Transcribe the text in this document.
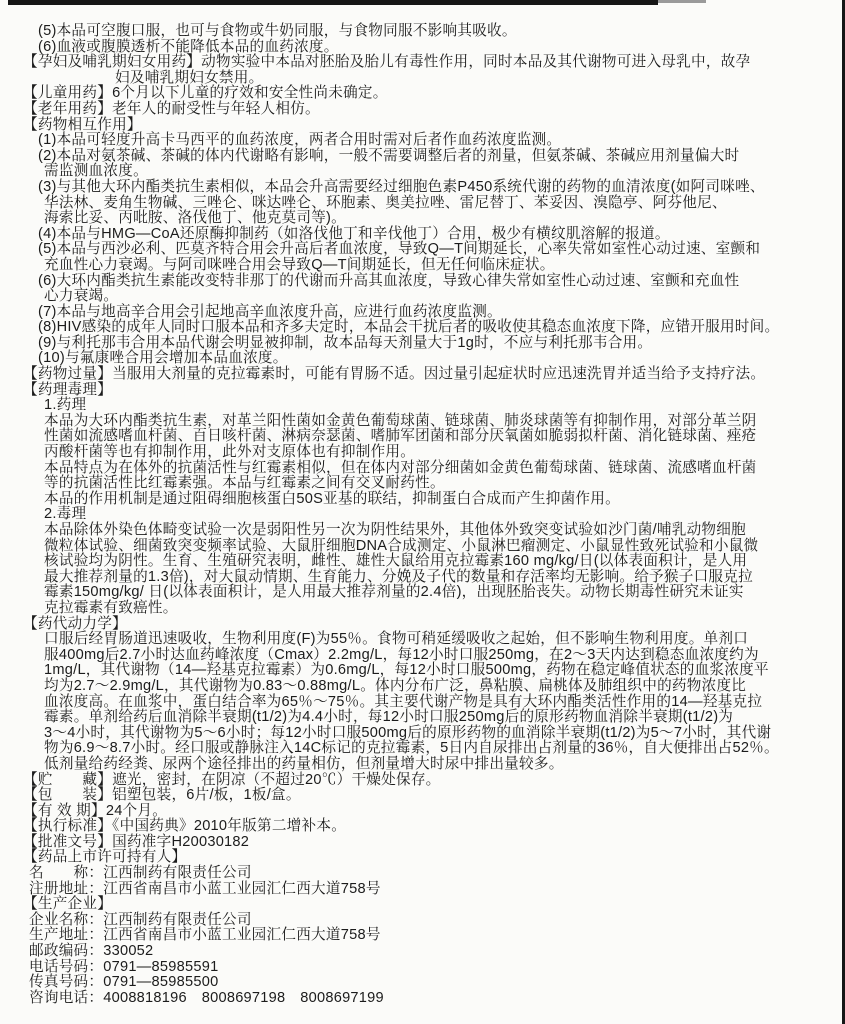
(5)本品可空腹口服，也可与食物或牛奶同服，与食物同服不影响其吸收。
(6)血液或腹膜透析不能降低本品的血药浓度。
【孕妇及哺乳期妇女用药】动物实验中本品对胚胎及胎儿有毒性作用，同时本品及其代谢物可进入母乳中，故孕
妇及哺乳期妇女禁用。
【儿童用药】6个月以下儿童的疗效和安全性尚未确定。
【老年用药】老年人的耐受性与年轻人相仿。
【药物相互作用】
(1)本品可轻度升高卡马西平的血药浓度，两者合用时需对后者作血药浓度监测。
(2)本品对氨茶碱、茶碱的体内代谢略有影响，一般不需要调整后者的剂量，但氨茶碱、茶碱应用剂量偏大时
需监测血浓度。
(3)与其他大环内酯类抗生素相似，本品会升高需要经过细胞色素P450系统代谢的药物的血清浓度(如阿司咪唑、
华法林、麦角生物碱、三唑仑、咪达唑仑、环胞素、奥美拉唑、雷尼替丁、苯妥因、溴隐亭、阿芬他尼、
海索比妥、丙吡胺、洛伐他丁、他克莫司等)。
(4)本品与HMG—CoA还原酶抑制药（如洛伐他丁和辛伐他丁）合用，极少有横纹肌溶解的报道。
(5)本品与西沙必利、匹莫齐特合用会升高后者血浓度，导致Q—T间期延长，心率失常如室性心动过速、室颤和
充血性心力衰竭。与阿司咪唑合用会导致Q—T间期延长，但无任何临床症状。
(6)大环内酯类抗生素能改变特非那丁的代谢而升高其血浓度，导致心律失常如室性心动过速、室颤和充血性
心力衰竭。
(7)本品与地高辛合用会引起地高辛血浓度升高，应进行血药浓度监测。
(8)HIV感染的成年人同时口服本品和齐多夫定时，本品会干扰后者的吸收使其稳态血浓度下降，应错开服用时间。
(9)与利托那韦合用本品代谢会明显被抑制，故本品每天剂量大于1g时，不应与利托那韦合用。
(10)与氟康唑合用会增加本品血浓度。
【药物过量】当服用大剂量的克拉霉素时，可能有胃肠不适。因过量引起症状时应迅速洗胃并适当给予支持疗法。
【药理毒理】
1.药理
本品为大环内酯类抗生素，对革兰阳性菌如金黄色葡萄球菌、链球菌、肺炎球菌等有抑制作用，对部分革兰阴
性菌如流感嗜血杆菌、百日咳杆菌、淋病奈瑟菌、嗜肺军团菌和部分厌氧菌如脆弱拟杆菌、消化链球菌、痤疮
丙酸杆菌等也有抑制作用，此外对支原体也有抑制作用。
本品特点为在体外的抗菌活性与红霉素相似，但在体内对部分细菌如金黄色葡萄球菌、链球菌、流感嗜血杆菌
等的抗菌活性比红霉素强。本品与红霉素之间有交叉耐药性。
本品的作用机制是通过阻碍细胞核蛋白50S亚基的联结，抑制蛋白合成而产生抑菌作用。
2.毒理
本品除体外染色体畸变试验一次是弱阳性另一次为阴性结果外，其他体外致突变试验如沙门菌/哺乳动物细胞
微粒体试验、细菌致突变频率试验、大鼠肝细胞DNA合成测定、小鼠淋巴瘤测定、小鼠显性致死试验和小鼠微
核试验均为阴性。生育、生殖研究表明，雌性、雄性大鼠给用克拉霉素160 mg/kg/日(以体表面积计，是人用
最大推荐剂量的1.3倍)，对大鼠动情期、生育能力、分娩及子代的数量和存活率均无影响。给予猴子口服克拉
霉素150mg/kg/ 日(以体表面积计，是人用最大推荐剂量的2.4倍)，出现胚胎丧失。动物长期毒性研究未证实
克拉霉素有致癌性。
【药代动力学】
口服后经胃肠道迅速吸收，生物利用度(F)为55％。食物可稍延缓吸收之起始，但不影响生物利用度。单剂口
服400mg后2.7小时达血药峰浓度（Cmax）2.2mg/L，每12小时口服250mg，在2～3天内达到稳态血浓度约为
1mg/L，其代谢物（14—羟基克拉霉素）为0.6mg/L，每12小时口服500mg，药物在稳定峰值状态的血浆浓度平
均为2.7～2.9mg/L，其代谢物为0.83～0.88mg/L。体内分布广泛，鼻粘膜、扁桃体及肺组织中的药物浓度比
血浓度高。在血浆中，蛋白结合率为65％～75％。其主要代谢产物是具有大环内酯类活性作用的14—羟基克拉
霉素。单剂给药后血消除半衰期(t1/2)为4.4小时，每12小时口服250mg后的原形药物血消除半衰期(t1/2)为
3～4小时，其代谢物为5～6小时；每12小时口服500mg后的原形药物的血消除半衰期(t1/2)为5～7小时，其代谢
物为6.9～8.7小时。经口服或静脉注入14C标记的克拉霉素，5日内自尿排出占剂量的36％，自大便排出占52％。
低剂量给药经粪、尿两个途径排出的药量相仿，但剂量增大时尿中排出量较多。
【贮　　藏】遮光，密封，在阴凉（不超过20℃）干燥处保存。
【包　　装】铝塑包装，6片/板，1板/盒。
【有 效 期】24个月。
【执行标准】《中国药典》2010年版第二增补本。
【批准文号】国药准字H20030182
【药品上市许可持有人】
名　　称：江西制药有限责任公司
注册地址：江西省南昌市小蓝工业园汇仁西大道758号
【生产企业】
企业名称：江西制药有限责任公司
生产地址：江西省南昌市小蓝工业园汇仁西大道758号
邮政编码：330052
电话号码：0791—85985591
传真号码：0791—85985500
咨询电话：4008818196　8008697198　8008697199
